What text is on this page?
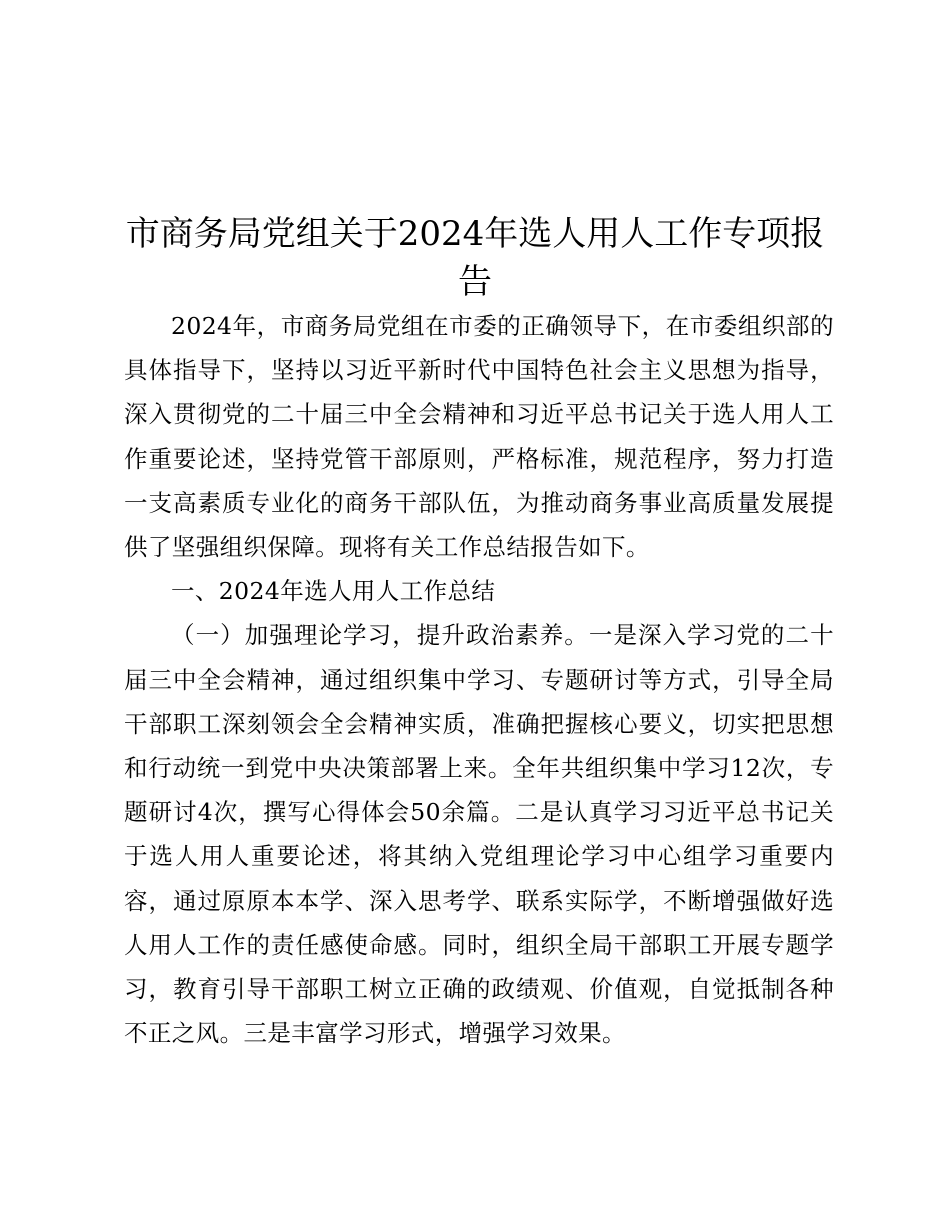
市商务局党组关于2024年选人用人工作专项报告

2024年，市商务局党组在市委的正确领导下，在市委组织部的具体指导下，坚持以习近平新时代中国特色社会主义思想为指导，深入贯彻党的二十届三中全会精神和习近平总书记关于选人用人工作重要论述，坚持党管干部原则，严格标准，规范程序，努力打造一支高素质专业化的商务干部队伍，为推动商务事业高质量发展提供了坚强组织保障。现将有关工作总结报告如下。

一、2024年选人用人工作总结

（一）加强理论学习，提升政治素养。一是深入学习党的二十届三中全会精神，通过组织集中学习、专题研讨等方式，引导全局干部职工深刻领会全会精神实质，准确把握核心要义，切实把思想和行动统一到党中央决策部署上来。全年共组织集中学习12次，专题研讨4次，撰写心得体会50余篇。二是认真学习习近平总书记关于选人用人重要论述，将其纳入党组理论学习中心组学习重要内容，通过原原本本学、深入思考学、联系实际学，不断增强做好选人用人工作的责任感使命感。同时，组织全局干部职工开展专题学习，教育引导干部职工树立正确的政绩观、价值观，自觉抵制各种不正之风。三是丰富学习形式，增强学习效果。
